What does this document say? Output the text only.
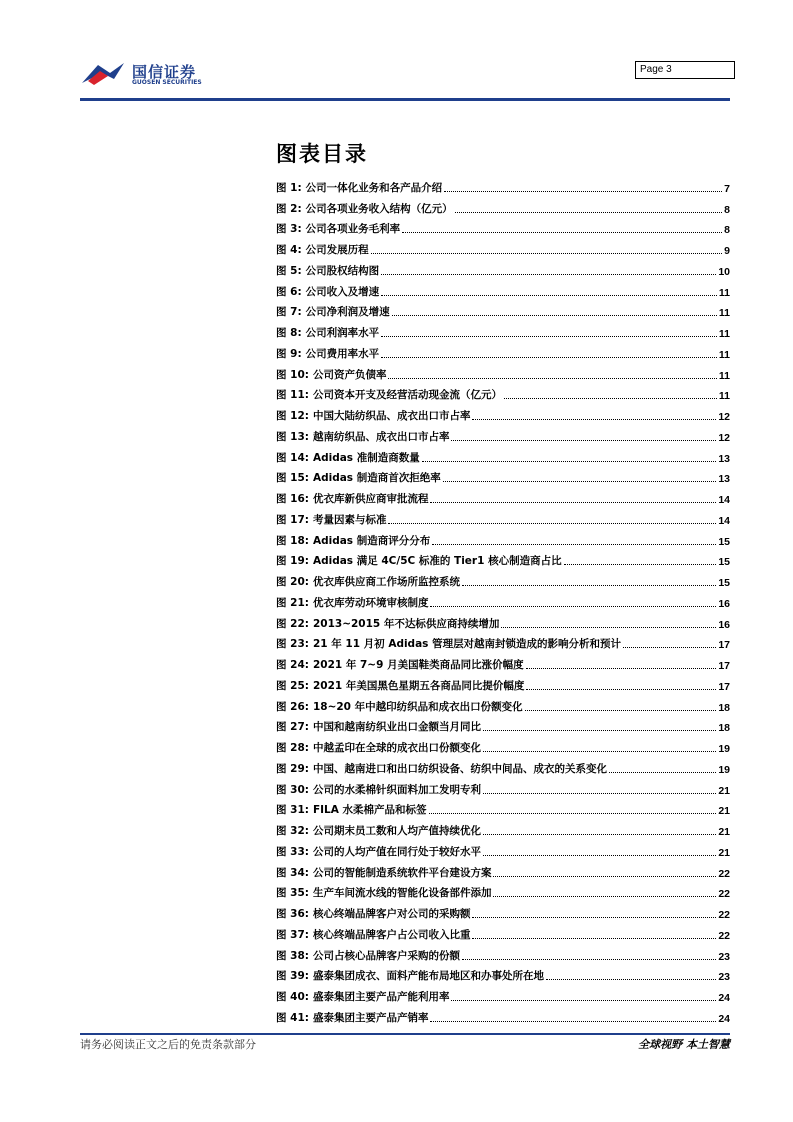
国信证券
GUOSEN SECURITIES
Page 3
图表目录
图 1: 公司一体化业务和各产品介绍	7
图 2: 公司各项业务收入结构（亿元）	8
图 3: 公司各项业务毛利率	8
图 4: 公司发展历程	9
图 5: 公司股权结构图	10
图 6: 公司收入及增速	11
图 7: 公司净利润及增速	11
图 8: 公司利润率水平	11
图 9: 公司费用率水平	11
图 10: 公司资产负债率	11
图 11: 公司资本开支及经营活动现金流（亿元）	11
图 12: 中国大陆纺织品、成衣出口市占率	12
图 13: 越南纺织品、成衣出口市占率	12
图 14: Adidas 准制造商数量	13
图 15: Adidas 制造商首次拒绝率	13
图 16: 优衣库新供应商审批流程	14
图 17: 考量因素与标准	14
图 18: Adidas 制造商评分分布	15
图 19: Adidas 满足 4C/5C 标准的 Tier1 核心制造商占比	15
图 20: 优衣库供应商工作场所监控系统	15
图 21: 优衣库劳动环境审核制度	16
图 22: 2013~2015 年不达标供应商持续增加	16
图 23: 21 年 11 月初 Adidas 管理层对越南封锁造成的影响分析和预计	17
图 24: 2021 年 7~9 月美国鞋类商品同比涨价幅度	17
图 25: 2021 年美国黑色星期五各商品同比提价幅度	17
图 26: 18~20 年中越印纺织品和成衣出口份额变化	18
图 27: 中国和越南纺织业出口金额当月同比	18
图 28: 中越孟印在全球的成衣出口份额变化	19
图 29: 中国、越南进口和出口纺织设备、纺织中间品、成衣的关系变化	19
图 30: 公司的水柔棉针织面料加工发明专利	21
图 31: FILA 水柔棉产品和标签	21
图 32: 公司期末员工数和人均产值持续优化	21
图 33: 公司的人均产值在同行处于较好水平	21
图 34: 公司的智能制造系统软件平台建设方案	22
图 35: 生产车间流水线的智能化设备部件添加	22
图 36: 核心终端品牌客户对公司的采购额	22
图 37: 核心终端品牌客户占公司收入比重	22
图 38: 公司占核心品牌客户采购的份额	23
图 39: 盛泰集团成衣、面料产能布局地区和办事处所在地	23
图 40: 盛泰集团主要产品产能利用率	24
图 41: 盛泰集团主要产品产销率	24
请务必阅读正文之后的免责条款部分	全球视野 本土智慧
